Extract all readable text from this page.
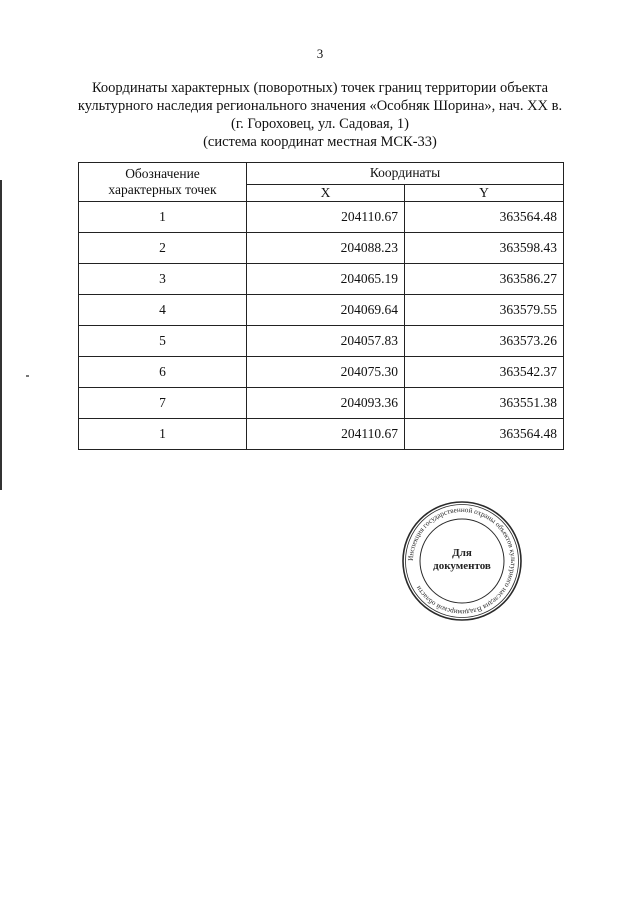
3
Координаты характерных (поворотных) точек границ территории объекта
культурного наследия регионального значения «Особняк Шорина», нач. XX в.
(г. Гороховец, ул. Садовая, 1)
(система координат местная МСК-33)
Обозначение
характерных точек	Координаты	
	X	Y
1	204110.67	363564.48
2	204088.23	363598.43
3	204065.19	363586.27
4	204069.64	363579.55
5	204057.83	363573.26
6	204075.30	363542.37
7	204093.36	363551.38
1	204110.67	363564.48
Инспекция государственной охраны объектов культурного наследия Владимирской области
Для
документов
